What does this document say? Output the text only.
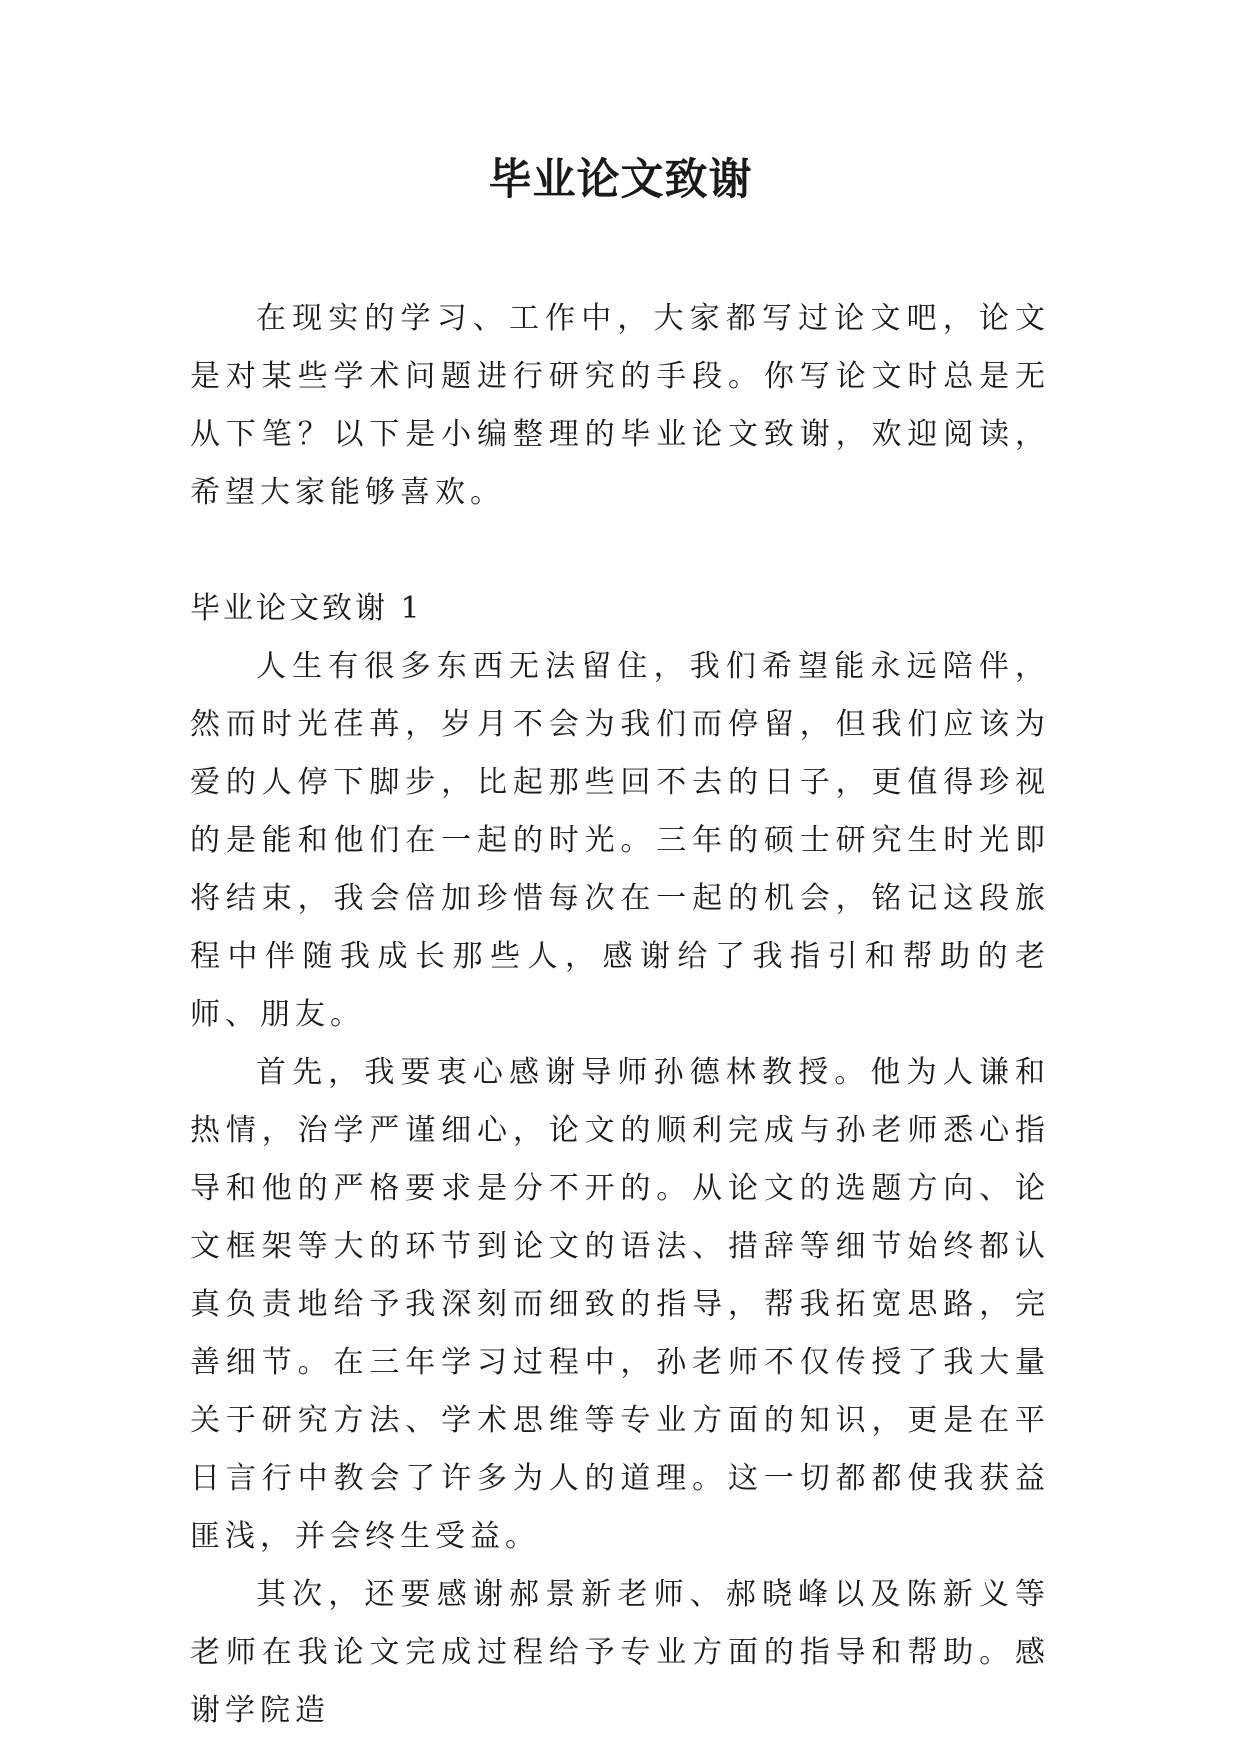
毕业论文致谢

在现实的学习、工作中，大家都写过论文吧，论文是对某些学术问题进行研究的手段。你写论文时总是无从下笔？以下是小编整理的毕业论文致谢，欢迎阅读，希望大家能够喜欢。

毕业论文致谢 1

人生有很多东西无法留住，我们希望能永远陪伴，然而时光荏苒，岁月不会为我们而停留，但我们应该为爱的人停下脚步，比起那些回不去的日子，更值得珍视的是能和他们在一起的时光。三年的硕士研究生时光即将结束，我会倍加珍惜每次在一起的机会，铭记这段旅程中伴随我成长那些人，感谢给了我指引和帮助的老师、朋友。

首先，我要衷心感谢导师孙德林教授。他为人谦和热情，治学严谨细心，论文的顺利完成与孙老师悉心指导和他的严格要求是分不开的。从论文的选题方向、论文框架等大的环节到论文的语法、措辞等细节始终都认真负责地给予我深刻而细致的指导，帮我拓宽思路，完善细节。在三年学习过程中，孙老师不仅传授了我大量关于研究方法、学术思维等专业方面的知识，更是在平日言行中教会了许多为人的道理。这一切都都使我获益匪浅，并会终生受益。

其次，还要感谢郝景新老师、郝晓峰以及陈新义等老师在我论文完成过程给予专业方面的指导和帮助。感谢学院造
